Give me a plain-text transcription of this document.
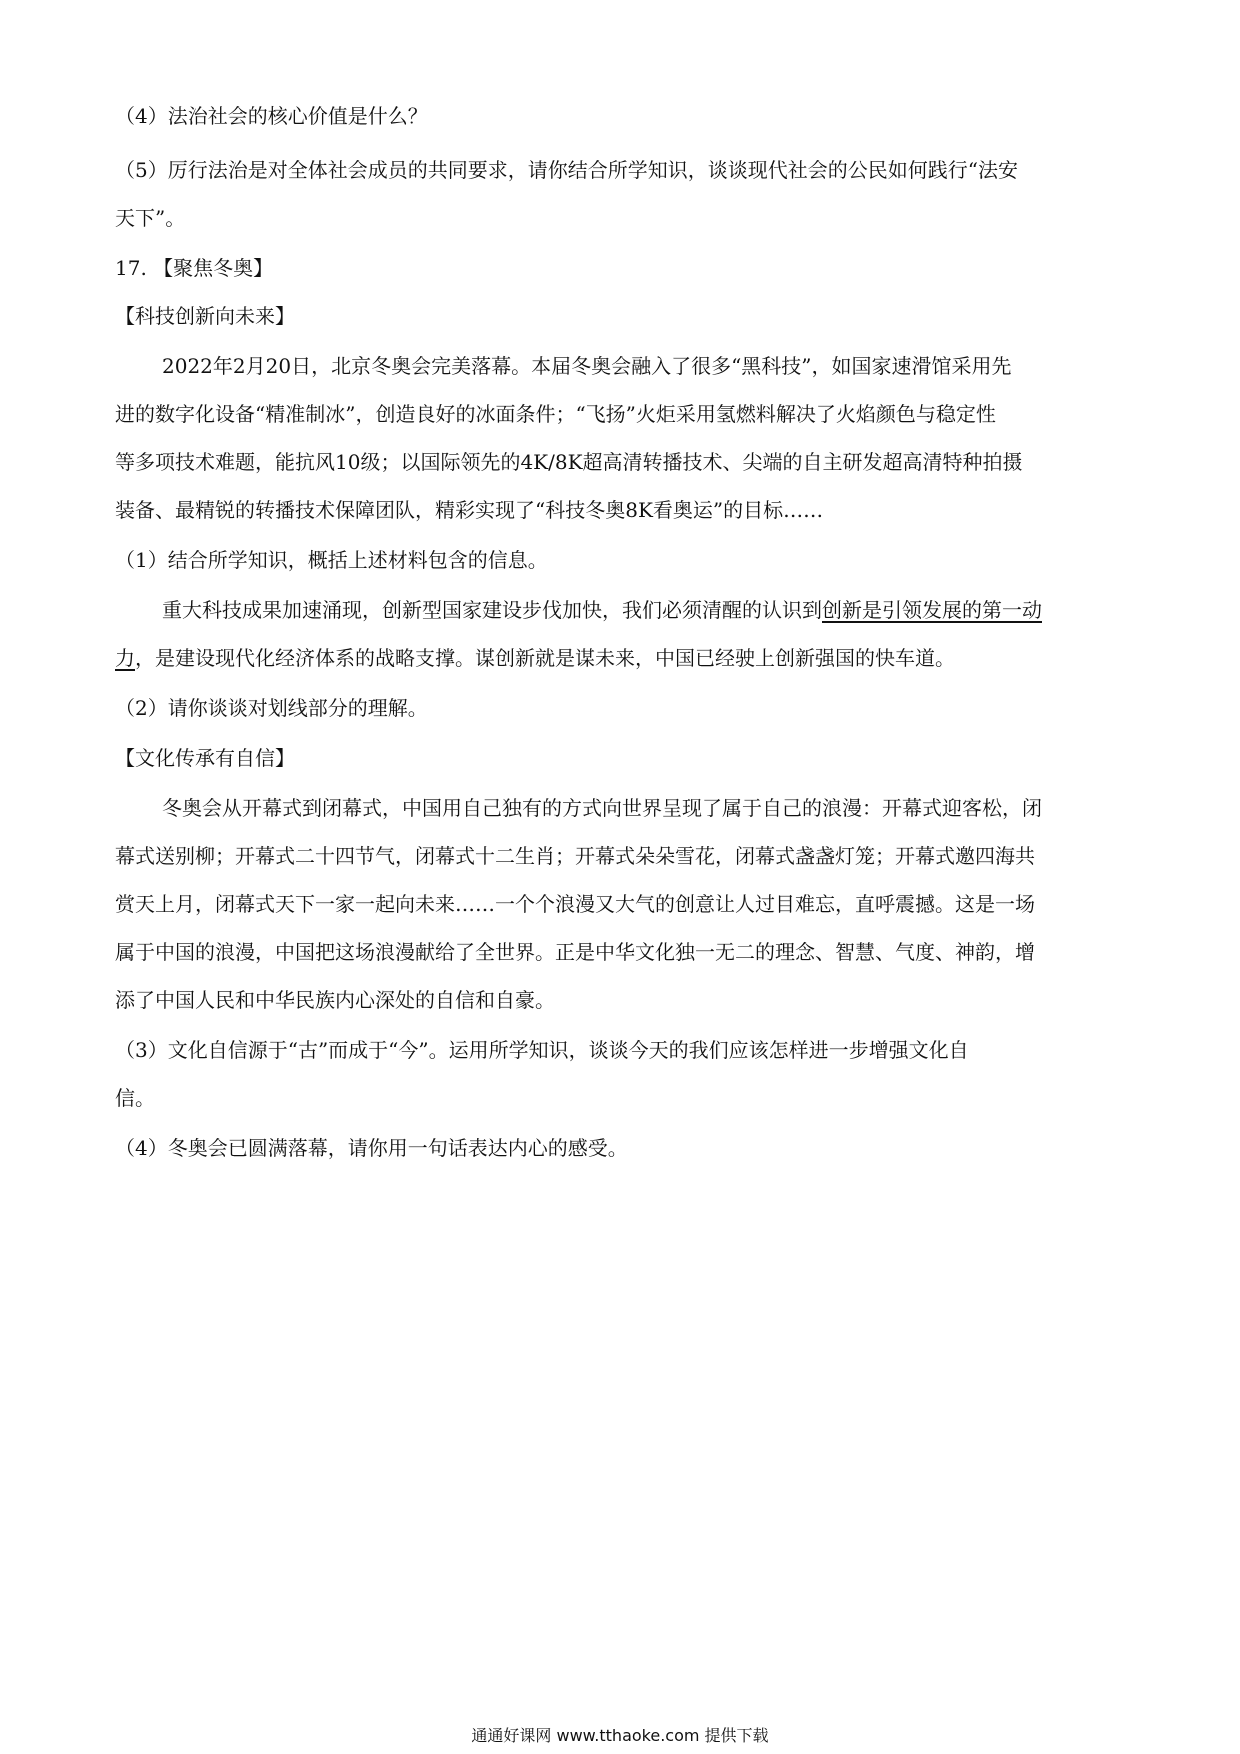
（4）法治社会的核心价值是什么？
（5）厉行法治是对全体社会成员的共同要求，请你结合所学知识，谈谈现代社会的公民如何践行“法安
天下”。
17. 【聚焦冬奥】
【科技创新向未来】
2022年2月20日，北京冬奥会完美落幕。本届冬奥会融入了很多“黑科技”，如国家速滑馆采用先
进的数字化设备“精准制冰”，创造良好的冰面条件；“飞扬”火炬采用氢燃料解决了火焰颜色与稳定性
等多项技术难题，能抗风10级；以国际领先的4K/8K超高清转播技术、尖端的自主研发超高清特种拍摄
装备、最精锐的转播技术保障团队，精彩实现了“科技冬奥8K看奥运”的目标……
（1）结合所学知识，概括上述材料包含的信息。
重大科技成果加速涌现，创新型国家建设步伐加快，我们必须清醒的认识到创新是引领发展的第一动
力，是建设现代化经济体系的战略支撑。谋创新就是谋未来，中国已经驶上创新强国的快车道。
（2）请你谈谈对划线部分的理解。
【文化传承有自信】
冬奥会从开幕式到闭幕式，中国用自己独有的方式向世界呈现了属于自己的浪漫：开幕式迎客松，闭
幕式送别柳；开幕式二十四节气，闭幕式十二生肖；开幕式朵朵雪花，闭幕式盏盏灯笼；开幕式邀四海共
赏天上月，闭幕式天下一家一起向未来……一个个浪漫又大气的创意让人过目难忘，直呼震撼。这是一场
属于中国的浪漫，中国把这场浪漫献给了全世界。正是中华文化独一无二的理念、智慧、气度、神韵，增
添了中国人民和中华民族内心深处的自信和自豪。
（3）文化自信源于“古”而成于“今”。运用所学知识，谈谈今天的我们应该怎样进一步增强文化自
信。
（4）冬奥会已圆满落幕，请你用一句话表达内心的感受。
通通好课网 www.tthaoke.com 提供下载
